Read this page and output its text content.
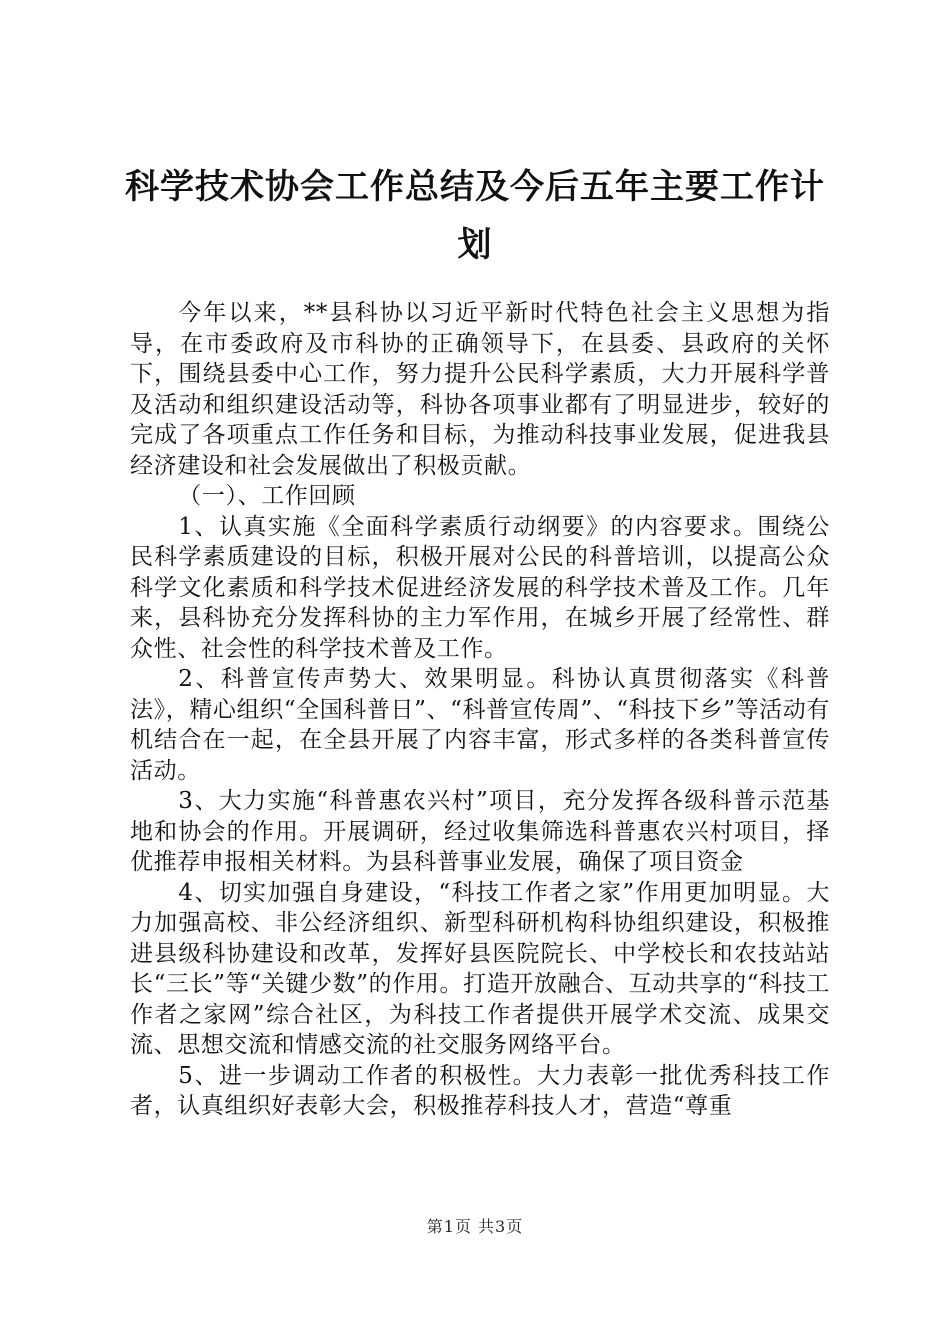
科学技术协会工作总结及今后五年主要工作计划

今年以来，**县科协以习近平新时代特色社会主义思想为指导，在市委政府及市科协的正确领导下，在县委、县政府的关怀下，围绕县委中心工作，努力提升公民科学素质，大力开展科学普及活动和组织建设活动等，科协各项事业都有了明显进步，较好的完成了各项重点工作任务和目标，为推动科技事业发展，促进我县经济建设和社会发展做出了积极贡献。

（一）、工作回顾

1、认真实施《全面科学素质行动纲要》的内容要求。围绕公民科学素质建设的目标，积极开展对公民的科普培训，以提高公众科学文化素质和科学技术促进经济发展的科学技术普及工作。几年来，县科协充分发挥科协的主力军作用，在城乡开展了经常性、群众性、社会性的科学技术普及工作。

2、科普宣传声势大、效果明显。科协认真贯彻落实《科普法》，精心组织“全国科普日”、“科普宣传周”、“科技下乡”等活动有机结合在一起，在全县开展了内容丰富，形式多样的各类科普宣传活动。

3、大力实施“科普惠农兴村”项目，充分发挥各级科普示范基地和协会的作用。开展调研，经过收集筛选科普惠农兴村项目，择优推荐申报相关材料。为县科普事业发展，确保了项目资金

4、切实加强自身建设，“科技工作者之家”作用更加明显。大力加强高校、非公经济组织、新型科研机构科协组织建设，积极推进县级科协建设和改革，发挥好县医院院长、中学校长和农技站站长“三长”等“关键少数”的作用。打造开放融合、互动共享的“科技工作者之家网”综合社区，为科技工作者提供开展学术交流、成果交流、思想交流和情感交流的社交服务网络平台。

5、进一步调动工作者的积极性。大力表彰一批优秀科技工作者，认真组织好表彰大会，积极推荐科技人才，营造“尊重

第1页 共3页
